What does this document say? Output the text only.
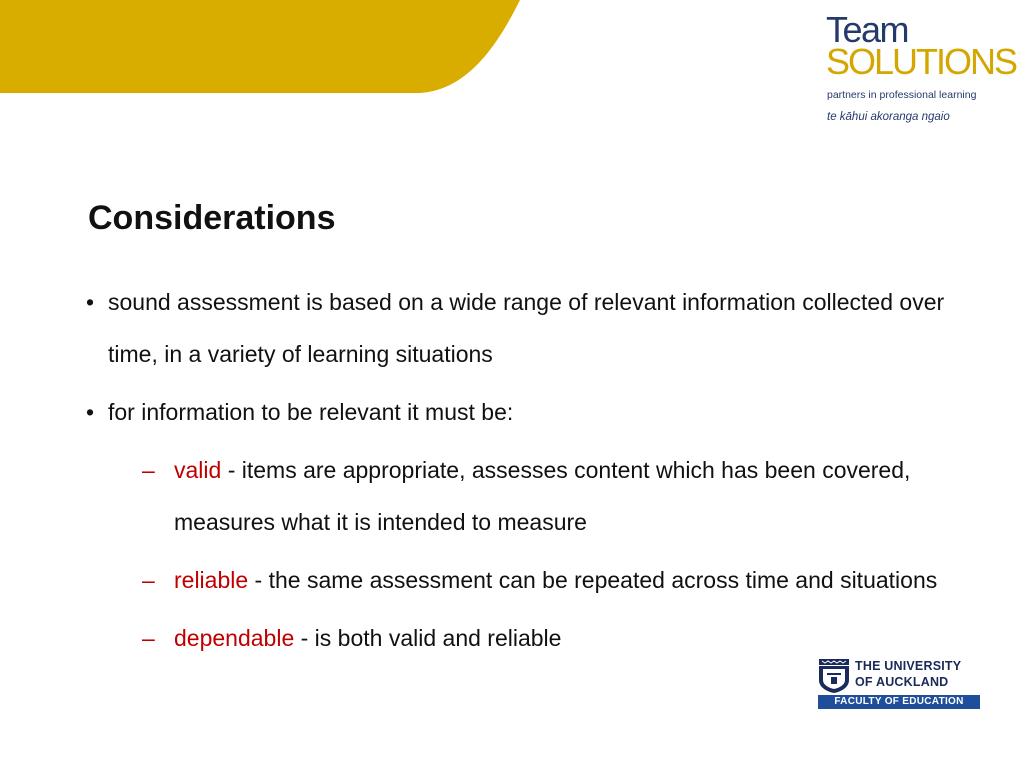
Team
SOLUTIONS
partners in professional learning
te kāhui akoranga ngaio
Considerations
• sound assessment is based on a wide range of relevant information collected over time, in a variety of learning situations
• for information to be relevant it must be:
– valid - items are appropriate, assesses content which has been covered, measures what it is intended to measure
– reliable - the same assessment can be repeated across time and situations
– dependable - is both valid and reliable
THE UNIVERSITY
OF AUCKLAND
FACULTY OF EDUCATION
